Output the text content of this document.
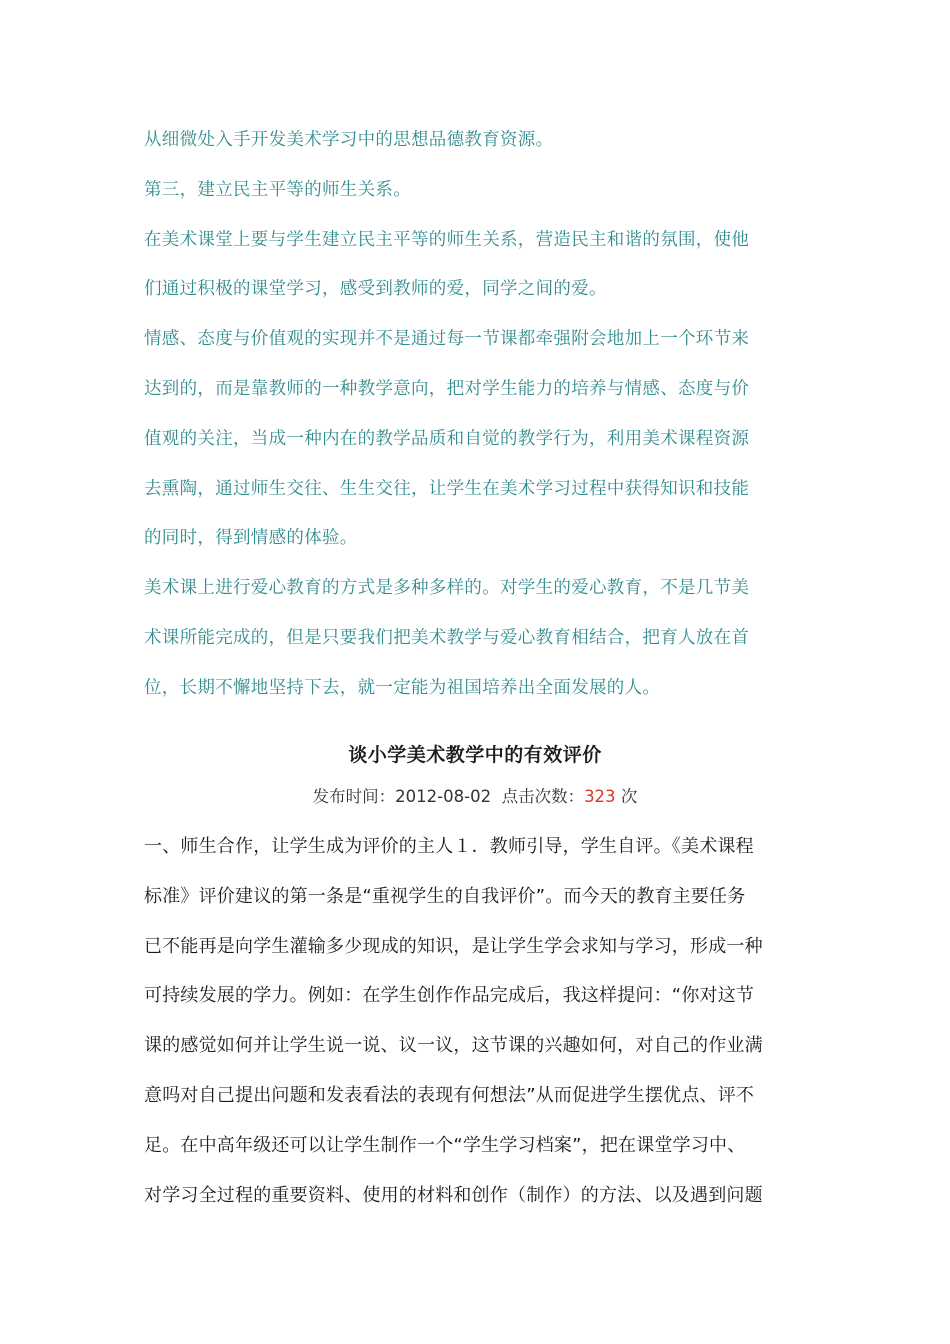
从细微处入手开发美术学习中的思想品德教育资源。
第三，建立民主平等的师生关系。
在美术课堂上要与学生建立民主平等的师生关系，营造民主和谐的氛围，使他
们通过积极的课堂学习，感受到教师的爱，同学之间的爱。
情感、态度与价值观的实现并不是通过每一节课都牵强附会地加上一个环节来
达到的，而是靠教师的一种教学意向，把对学生能力的培养与情感、态度与价
值观的关注，当成一种内在的教学品质和自觉的教学行为，利用美术课程资源
去熏陶，通过师生交往、生生交往，让学生在美术学习过程中获得知识和技能
的同时，得到情感的体验。
美术课上进行爱心教育的方式是多种多样的。对学生的爱心教育，不是几节美
术课所能完成的，但是只要我们把美术教学与爱心教育相结合，把育人放在首
位，长期不懈地坚持下去，就一定能为祖国培养出全面发展的人。
谈小学美术教学中的有效评价
发布时间：2012-08-02 点击次数：323 次
一、师生合作，让学生成为评价的主人１．教师引导，学生自评。《美术课程
标准》评价建议的第一条是“重视学生的自我评价”。而今天的教育主要任务
已不能再是向学生灌输多少现成的知识，是让学生学会求知与学习，形成一种
可持续发展的学力。例如：在学生创作作品完成后，我这样提问：“你对这节
课的感觉如何并让学生说一说、议一议，这节课的兴趣如何，对自己的作业满
意吗对自己提出问题和发表看法的表现有何想法”从而促进学生摆优点、评不
足。在中高年级还可以让学生制作一个“学生学习档案”，把在课堂学习中、
对学习全过程的重要资料、使用的材料和创作（制作）的方法、以及遇到问题
